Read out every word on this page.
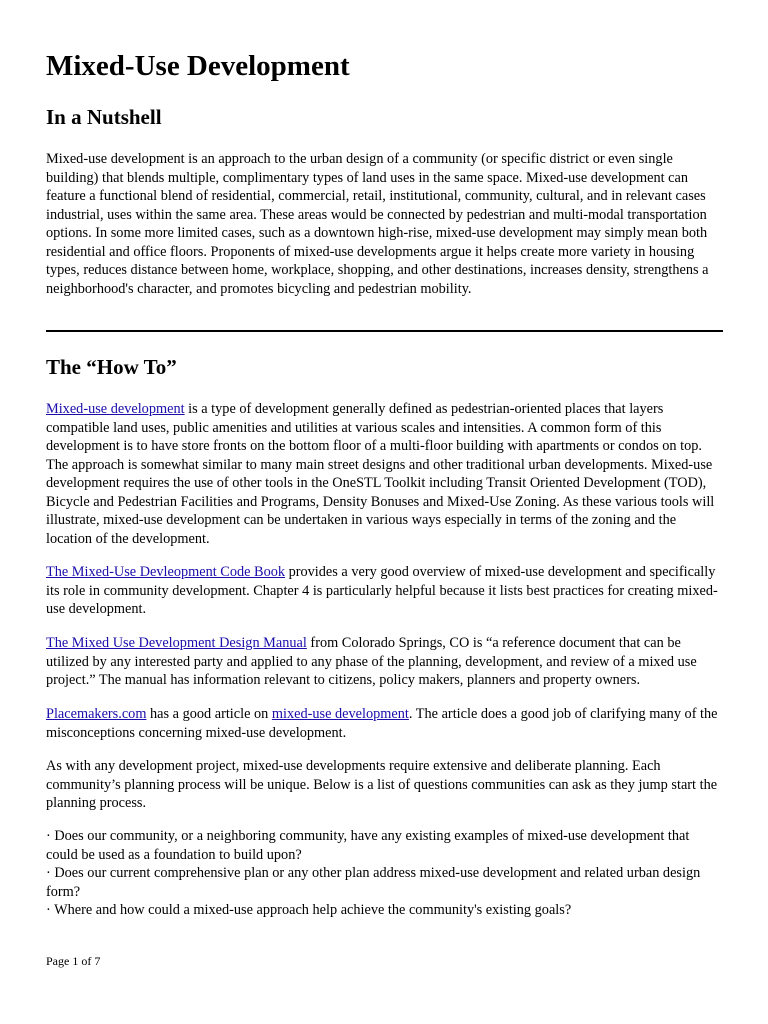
Mixed-Use Development
In a Nutshell

Mixed-use development is an approach to the urban design of a community (or specific district or even single building) that blends multiple, complimentary types of land uses in the same space. Mixed-use development can feature a functional blend of residential, commercial, retail, institutional, community, cultural, and in relevant cases industrial, uses within the same area. These areas would be connected by pedestrian and multi-modal transportation options. In some more limited cases, such as a downtown high-rise, mixed-use development may simply mean both residential and office floors. Proponents of mixed-use developments argue it helps create more variety in housing types, reduces distance between home, workplace, shopping, and other destinations, increases density, strengthens a neighborhood's character, and promotes bicycling and pedestrian mobility.

The “How To”

Mixed-use development is a type of development generally defined as pedestrian-oriented places that layers compatible land uses, public amenities and utilities at various scales and intensities. A common form of this development is to have store fronts on the bottom floor of a multi-floor building with apartments or condos on top. The approach is somewhat similar to many main street designs and other traditional urban developments. Mixed-use development requires the use of other tools in the OneSTL Toolkit including Transit Oriented Development (TOD), Bicycle and Pedestrian Facilities and Programs, Density Bonuses and Mixed-Use Zoning. As these various tools will illustrate, mixed-use development can be undertaken in various ways especially in terms of the zoning and the location of the development.

The Mixed-Use Devleopment Code Book provides a very good overview of mixed-use development and specifically its role in community development. Chapter 4 is particularly helpful because it lists best practices for creating mixed-use development.

The Mixed Use Development Design Manual from Colorado Springs, CO is “a reference document that can be utilized by any interested party and applied to any phase of the planning, development, and review of a mixed use project.” The manual has information relevant to citizens, policy makers, planners and property owners.

Placemakers.com has a good article on mixed-use development. The article does a good job of clarifying many of the misconceptions concerning mixed-use development.

As with any development project, mixed-use developments require extensive and deliberate planning. Each community’s planning process will be unique. Below is a list of questions communities can ask as they jump start the planning process.

· Does our community, or a neighboring community, have any existing examples of mixed-use development that could be used as a foundation to build upon?
· Does our current comprehensive plan or any other plan address mixed-use development and related urban design form?
· Where and how could a mixed-use approach help achieve the community's existing goals?

Page 1 of 7
